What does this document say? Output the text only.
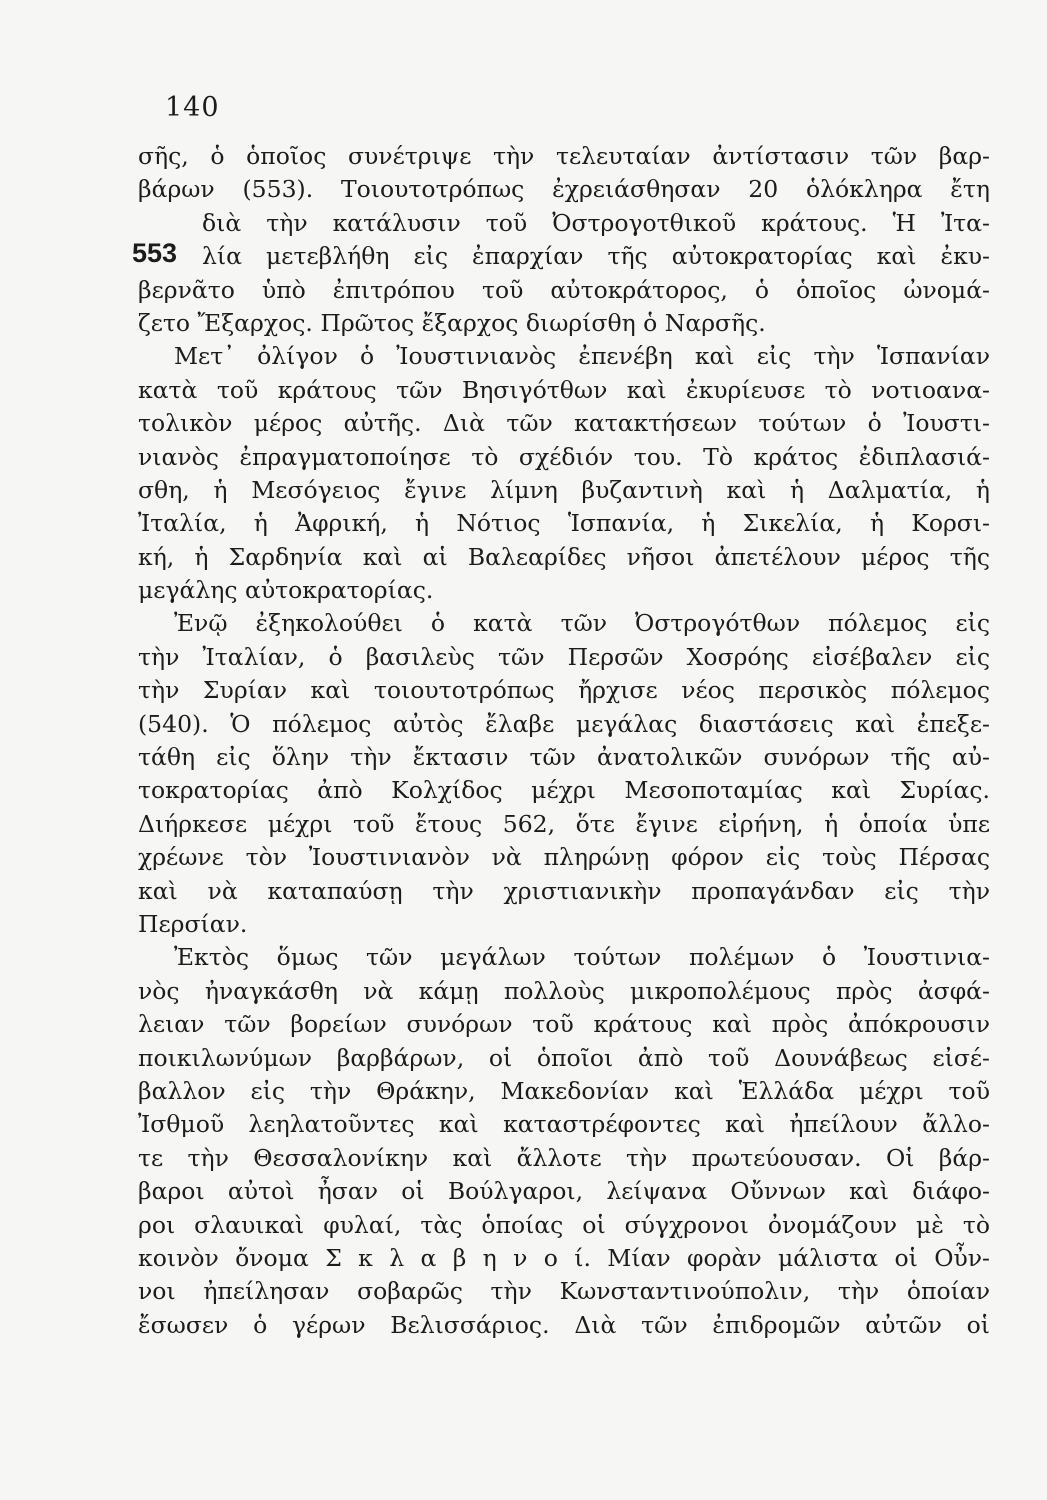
140
553
σῆς, ὁ ὁποῖος συνέτριψε τὴν τελευταίαν ἀντίστασιν τῶν βαρ-
βάρων (553). Τοιουτοτρόπως ἐχρειάσθησαν 20 ὁλόκληρα ἔτη
διὰ τὴν κατάλυσιν τοῦ Ὀστρογοτθικοῦ κράτους. Ἡ Ἰτα-
λία μετεβλήθη εἰς ἐπαρχίαν τῆς αὐτοκρατορίας καὶ ἐκυ-
βερνᾶτο ὑπὸ ἐπιτρόπου τοῦ αὐτοκράτορος, ὁ ὁποῖος ὠνομά-
ζετο Ἔξαρχος. Πρῶτος ἔξαρχος διωρίσθη ὁ Ναρσῆς.
Μετ᾽ ὀλίγον ὁ Ἰουστινιανὸς ἐπενέβη καὶ εἰς τὴν Ἱσπανίαν
κατὰ τοῦ κράτους τῶν Βησιγότθων καὶ ἐκυρίευσε τὸ νοτιοανα-
τολικὸν μέρος αὐτῆς. Διὰ τῶν κατακτήσεων τούτων ὁ Ἰουστι-
νιανὸς ἐπραγματοποίησε τὸ σχέδιόν του. Τὸ κράτος ἐδιπλασιά-
σθη, ἡ Μεσόγειος ἔγινε λίμνη βυζαντινὴ καὶ ἡ Δαλματία, ἡ
Ἰταλία, ἡ Ἀφρική, ἡ Νότιος Ἱσπανία, ἡ Σικελία, ἡ Κορσι-
κή, ἡ Σαρδηνία καὶ αἱ Βαλεαρίδες νῆσοι ἀπετέλουν μέρος τῆς
μεγάλης αὐτοκρατορίας.
Ἐνῷ ἐξηκολούθει ὁ κατὰ τῶν Ὀστρογότθων πόλεμος εἰς
τὴν Ἰταλίαν, ὁ βασιλεὺς τῶν Περσῶν Χοσρόης εἰσέβαλεν εἰς
τὴν Συρίαν καὶ τοιουτοτρόπως ἤρχισε νέος περσικὸς πόλεμος
(540). Ὁ πόλεμος αὐτὸς ἔλαβε μεγάλας διαστάσεις καὶ ἐπεξε-
τάθη εἰς ὅλην τὴν ἔκτασιν τῶν ἀνατολικῶν συνόρων τῆς αὐ-
τοκρατορίας ἀπὸ Κολχίδος μέχρι Μεσοποταμίας καὶ Συρίας.
Διήρκεσε μέχρι τοῦ ἔτους 562, ὅτε ἔγινε εἰρήνη, ἡ ὁποία ὑπε
χρέωνε τὸν Ἰουστινιανὸν νὰ πληρώνῃ φόρον εἰς τοὺς Πέρσας
καὶ νὰ καταπαύσῃ τὴν χριστιανικὴν προπαγάνδαν εἰς τὴν
Περσίαν.
Ἐκτὸς ὅμως τῶν μεγάλων τούτων πολέμων ὁ Ἰουστινια-
νὸς ἠναγκάσθη νὰ κάμῃ πολλοὺς μικροπολέμους πρὸς ἀσφά-
λειαν τῶν βορείων συνόρων τοῦ κράτους καὶ πρὸς ἀπόκρουσιν
ποικιλωνύμων βαρβάρων, οἱ ὁποῖοι ἀπὸ τοῦ Δουνάβεως εἰσέ-
βαλλον εἰς τὴν Θράκην, Μακεδονίαν καὶ Ἑλλάδα μέχρι τοῦ
Ἰσθμοῦ λεηλατοῦντες καὶ καταστρέφοντες καὶ ἠπείλουν ἄλλο-
τε τὴν Θεσσαλονίκην καὶ ἄλλοτε τὴν πρωτεύουσαν. Οἱ βάρ-
βαροι αὐτοὶ ἦσαν οἱ Βούλγαροι, λείψανα Οὔννων καὶ διάφο-
ροι σλαυικαὶ φυλαί, τὰς ὁποίας οἱ σύγχρονοι ὀνομάζουν μὲ τὸ
κοινὸν ὄνομα Σ κ λ α β η ν ο ί. Μίαν φορὰν μάλιστα οἱ Οὖν-
νοι ἠπείλησαν σοβαρῶς τὴν Κωνσταντινούπολιν, τὴν ὁποίαν
ἔσωσεν ὁ γέρων Βελισσάριος. Διὰ τῶν ἐπιδρομῶν αὐτῶν οἱ
